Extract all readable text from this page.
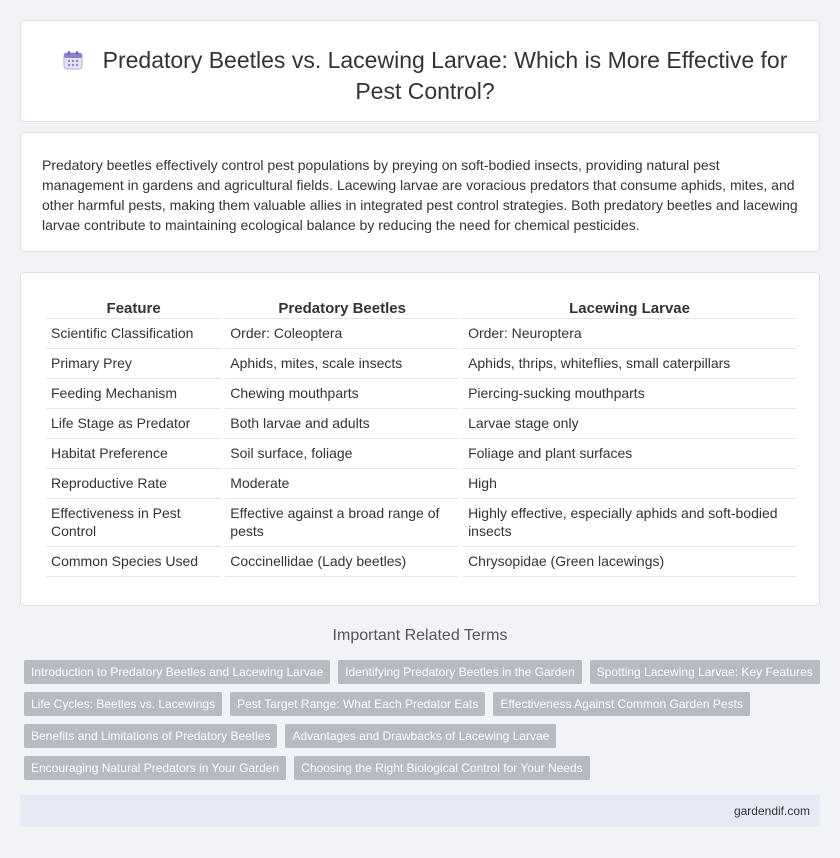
Predatory Beetles vs. Lacewing Larvae: Which is More Effective for Pest Control?

Predatory beetles effectively control pest populations by preying on soft-bodied insects, providing natural pest management in gardens and agricultural fields. Lacewing larvae are voracious predators that consume aphids, mites, and other harmful pests, making them valuable allies in integrated pest control strategies. Both predatory beetles and lacewing larvae contribute to maintaining ecological balance by reducing the need for chemical pesticides.

Feature	Predatory Beetles	Lacewing Larvae
Scientific Classification	Order: Coleoptera	Order: Neuroptera
Primary Prey	Aphids, mites, scale insects	Aphids, thrips, whiteflies, small caterpillars
Feeding Mechanism	Chewing mouthparts	Piercing-sucking mouthparts
Life Stage as Predator	Both larvae and adults	Larvae stage only
Habitat Preference	Soil surface, foliage	Foliage and plant surfaces
Reproductive Rate	Moderate	High
Effectiveness in Pest Control	Effective against a broad range of pests	Highly effective, especially aphids and soft-bodied insects
Common Species Used	Coccinellidae (Lady beetles)	Chrysopidae (Green lacewings)
Important Related Terms
Introduction to Predatory Beetles and Lacewing Larvae	Identifying Predatory Beetles in the Garden	Spotting Lacewing Larvae: Key Features
Life Cycles: Beetles vs. Lacewings	Pest Target Range: What Each Predator Eats	Effectiveness Against Common Garden Pests
Benefits and Limitations of Predatory Beetles	Advantages and Drawbacks of Lacewing Larvae
Encouraging Natural Predators in Your Garden	Choosing the Right Biological Control for Your Needs
gardendif.com
